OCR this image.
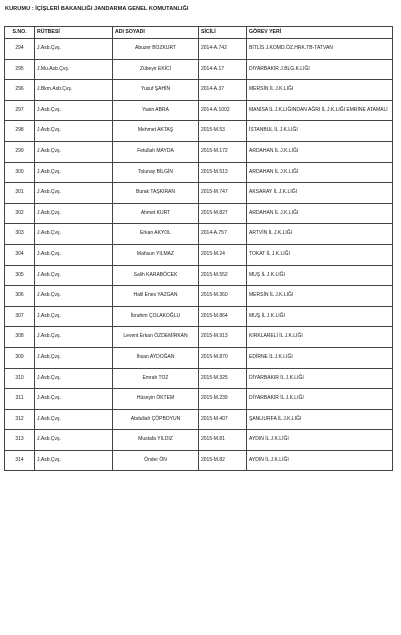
KURUMU : İÇİŞLERİ BAKANLIĞI JANDARMA GENEL KOMUTANLIĞI
S.NO.	RÜTBESİ	ADI SOYADI	SİCİLİ	GÖREV YERİ
294	J.Asb.Çvş.	Abuzer BOZKURT	2014-A.742	BİTLİS J.KOMD.ÖZ.HRK.TB-TATVAN
295	J.Mu.Asb.Çvş.	Zübeyir EKİCİ	2014-A.17	DİYARBAKIR J.BLG.K.LIĞI
296	J.Bkm.Asb.Çvş.	Yusuf ŞAHİN	2014-A.37	MERSİN İL J.K.LIĞI
297	J.Asb.Çvş.	Yasin ABRA	2014-A.1002	MANİSA İL J.K.LIĞINDAN AĞRI İL J.K.LIĞI EMRİNE ATAMALI
298	J.Asb.Çvş.	Mehmet AKTAŞ	2015-M.53	İSTANBUL İL J.K.LIĞI
299	J.Asb.Çvş.	Fetullah MAYDA	2015-M.172	ARDAHAN İL J.K.LIĞI
300	J.Asb.Çvş.	Tolunay BİLGİN	2015-M.513	ARDAHAN İL J.K.LIĞI
301	J.Asb.Çvş.	Burak TAŞKIRAN	2015-M.747	AKSARAY İL J.K.LIĞI
302	J.Asb.Çvş.	Ahmet KURT	2015-M.827	ARDAHAN İL J.K.LIĞI
303	J.Asb.Çvş.	Erkan AKYOL	2014-A.757	ARTVİN İL J.K.LIĞI
304	J.Asb.Çvş.	Mahsun YILMAZ	2015-M.24	TOKAT İL J.K.LIĞI
305	J.Asb.Çvş.	Salih KARABÖCEK	2015-M.552	MUŞ İL J.K.LIĞI
306	J.Asb.Çvş.	Halil Enes YAZGAN	2015-M.360	MERSİN İL J.K.LIĞI
307	J.Asb.Çvş.	İbrahim ÇOLAKOĞLU	2015-M.864	MUŞ İL J.K.LIĞI
308	J.Asb.Çvş.	Levent Erkan ÖZDEMİRKAN	2015-M.913	KIRKLARELİ İL J.K.LIĞI
309	J.Asb.Çvş.	İhsan AYDOĞAN	2015-M.870	EDİRNE İL J.K.LIĞI
310	J.Asb.Çvş.	Emrah TOZ	2015-M.325	DİYARBAKIR İL J.K.LIĞI
311	J.Asb.Çvş.	Hüseyin ÖKTEM	2015-M.239	DİYARBAKIR İL J.K.LIĞI
312	J.Asb.Çvş.	Abdullah ÇÖPBOYUN	2015-M.407	ŞANLIURFA İL J.K.LIĞI
313	J.Asb.Çvş.	Mustafa YILDIZ	2015-M.81	AYDIN İL J.K.LIĞI
314	J.Asb.Çvş.	Önder ÖN	2015-M.82	AYDIN İL J.K.LIĞI
